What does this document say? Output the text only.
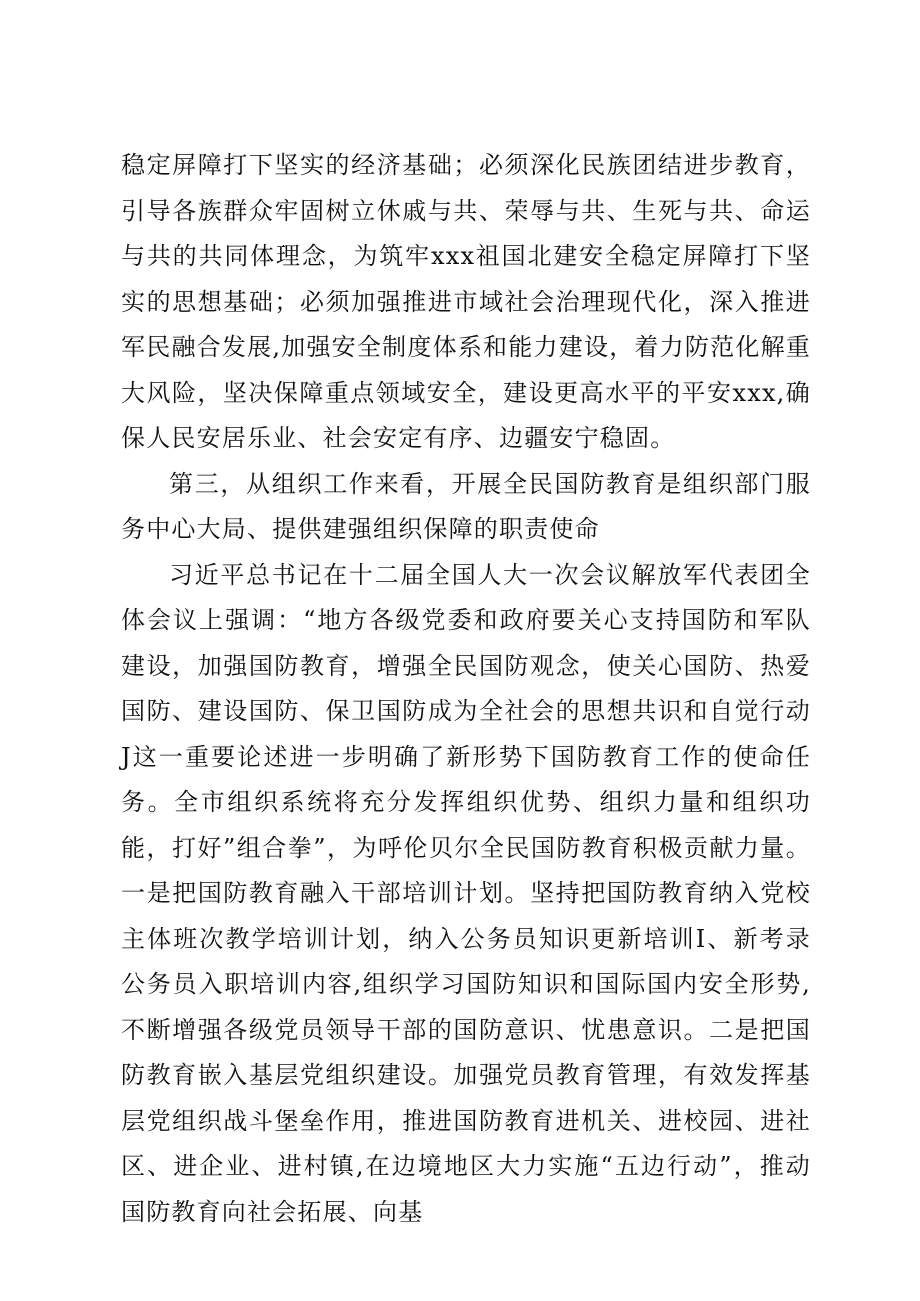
稳定屏障打下坚实的经济基础；必须深化民族团结进步教育，引导各族群众牢固树立休戚与共、荣辱与共、生死与共、命运与共的共同体理念，为筑牢xxx祖国北建安全稳定屏障打下坚实的思想基础；必须加强推进市域社会治理现代化，深入推进军民融合发展,加强安全制度体系和能力建设，着力防范化解重大风险，坚决保障重点领域安全，建设更高水平的平安xxx,确保人民安居乐业、社会安定有序、边疆安宁稳固。

第三，从组织工作来看，开展全民国防教育是组织部门服务中心大局、提供建强组织保障的职责使命

习近平总书记在十二届全国人大一次会议解放军代表团全体会议上强调：“地方各级党委和政府要关心支持国防和军队建设，加强国防教育，增强全民国防观念，使关心国防、热爱国防、建设国防、保卫国防成为全社会的思想共识和自觉行动J这一重要论述进一步明确了新形势下国防教育工作的使命任务。全市组织系统将充分发挥组织优势、组织力量和组织功能，打好”组合拳”，为呼伦贝尔全民国防教育积极贡献力量。一是把国防教育融入干部培训计划。坚持把国防教育纳入党校主体班次教学培训计划，纳入公务员知识更新培训I、新考录公务员入职培训内容,组织学习国防知识和国际国内安全形势,不断增强各级党员领导干部的国防意识、忧患意识。二是把国防教育嵌入基层党组织建设。加强党员教育管理，有效发挥基层党组织战斗堡垒作用，推进国防教育进机关、进校园、进社区、进企业、进村镇,在边境地区大力实施“五边行动”，推动国防教育向社会拓展、向基
